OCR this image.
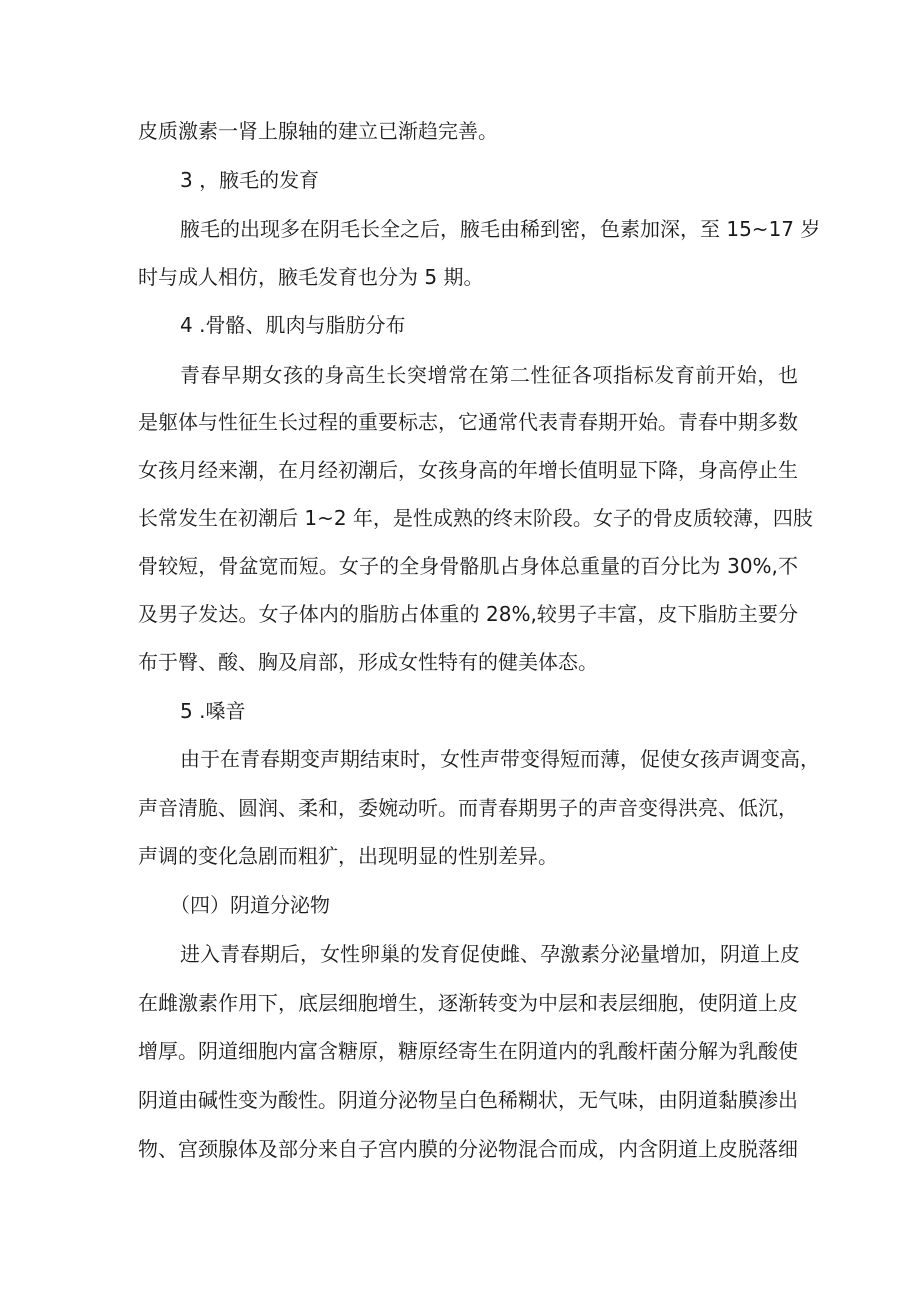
皮质激素一肾上腺轴的建立已渐趋完善。
3 ，腋毛的发育
腋毛的出现多在阴毛长全之后，腋毛由稀到密，色素加深，至 15~17 岁
时与成人相仿，腋毛发育也分为 5 期。
4 .骨骼、肌肉与脂肪分布
青春早期女孩的身高生长突增常在第二性征各项指标发育前开始，也
是躯体与性征生长过程的重要标志，它通常代表青春期开始。青春中期多数
女孩月经来潮，在月经初潮后，女孩身高的年增长值明显下降，身高停止生
长常发生在初潮后 1~2 年，是性成熟的终末阶段。女子的骨皮质较薄，四肢
骨较短，骨盆宽而短。女子的全身骨骼肌占身体总重量的百分比为 30%,不
及男子发达。女子体内的脂肪占体重的 28%,较男子丰富，皮下脂肪主要分
布于臀、酸、胸及肩部，形成女性特有的健美体态。
5 .嗓音
由于在青春期变声期结束时，女性声带变得短而薄，促使女孩声调变高，
声音清脆、圆润、柔和，委婉动听。而青春期男子的声音变得洪亮、低沉，
声调的变化急剧而粗犷，出现明显的性别差异。
（四）阴道分泌物
进入青春期后，女性卵巢的发育促使雌、孕激素分泌量增加，阴道上皮
在雌激素作用下，底层细胞增生，逐渐转变为中层和表层细胞，使阴道上皮
增厚。阴道细胞内富含糖原，糖原经寄生在阴道内的乳酸杆菌分解为乳酸使
阴道由碱性变为酸性。阴道分泌物呈白色稀糊状，无气味，由阴道黏膜渗出
物、宫颈腺体及部分来自子宫内膜的分泌物混合而成，内含阴道上皮脱落细
